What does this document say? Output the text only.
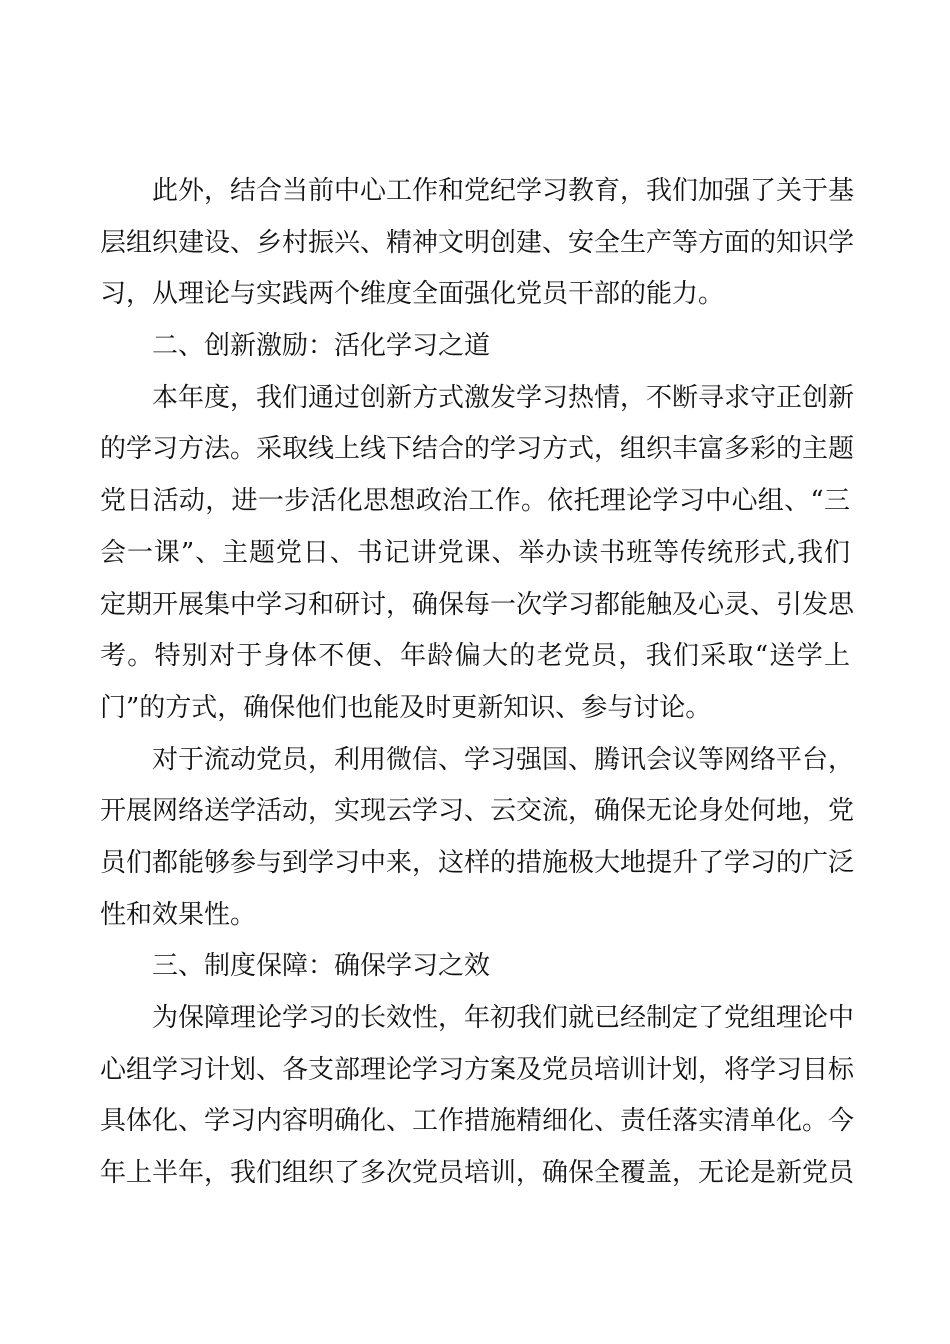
此外，结合当前中心工作和党纪学习教育，我们加强了关于基
层组织建设、乡村振兴、精神文明创建、安全生产等方面的知识学
习，从理论与实践两个维度全面强化党员干部的能力。
二、创新激励：活化学习之道
本年度，我们通过创新方式激发学习热情，不断寻求守正创新
的学习方法。采取线上线下结合的学习方式，组织丰富多彩的主题
党日活动，进一步活化思想政治工作。依托理论学习中心组、“三
会一课”、主题党日、书记讲党课、举办读书班等传统形式,我们
定期开展集中学习和研讨，确保每一次学习都能触及心灵、引发思
考。特别对于身体不便、年龄偏大的老党员，我们采取“送学上
门”的方式，确保他们也能及时更新知识、参与讨论。
对于流动党员，利用微信、学习强国、腾讯会议等网络平台，
开展网络送学活动，实现云学习、云交流，确保无论身处何地，党
员们都能够参与到学习中来，这样的措施极大地提升了学习的广泛
性和效果性。
三、制度保障：确保学习之效
为保障理论学习的长效性，年初我们就已经制定了党组理论中
心组学习计划、各支部理论学习方案及党员培训计划，将学习目标
具体化、学习内容明确化、工作措施精细化、责任落实清单化。今
年上半年，我们组织了多次党员培训，确保全覆盖，无论是新党员
